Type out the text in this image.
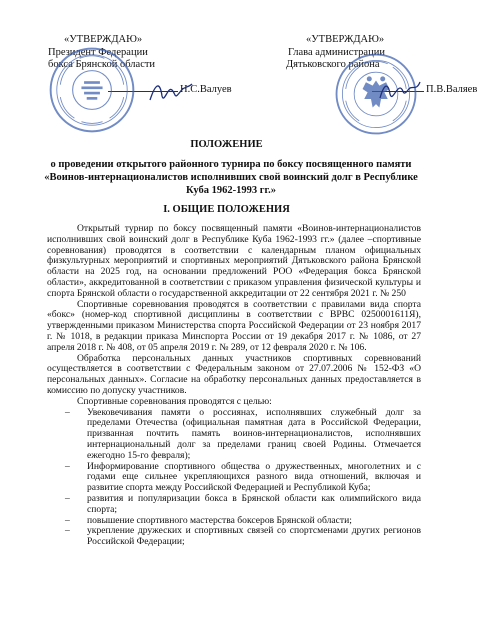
«УТВЕРЖДАЮ»
Президент Федерации
бокса Брянской области
Н.С.Валуев
«УТВЕРЖДАЮ»
Глава администрации
Дятьковского района
П.В.Валяев
ПОЛОЖЕНИЕ
о проведении открытого районного турнира по боксу посвященного памяти «Воинов-интернационалистов исполнивших свой воинский долг в Республике Куба 1962-1993 гг.»
I. ОБЩИЕ ПОЛОЖЕНИЯ

Открытый турнир по боксу посвященный памяти «Воинов-интернационалистов исполнивших свой воинский долг в Республике Куба 1962-1993 гг.» (далее –спортивные соревнования) проводятся в соответствии с календарным планом официальных физкультурных мероприятий и спортивных мероприятий Дятьковского района Брянской области на 2025 год, на основании предложений РОО «Федерация бокса Брянской области», аккредитованной в соответствии с приказом управления физической культуры и спорта Брянской области о государственной аккредитации от 22 сентября 2021 г. № 250

Спортивные соревнования проводятся в соответствии с правилами вида спорта «бокс» (номер-код спортивной дисциплины в соответствии с ВРВС 0250001611Я), утвержденными приказом Министерства спорта Российской Федерации от 23 ноября 2017 г. № 1018, в редакции приказа Минспорта России от 19 декабря 2017 г. № 1086, от 27 апреля 2018 г. № 408, от 05 апреля 2019 г. № 289, от 12 февраля 2020 г. № 106.

Обработка персональных данных участников спортивных соревнований осуществляется в соответствии с Федеральным законом от 27.07.2006 № 152-ФЗ «О персональных данных». Согласие на обработку персональных данных предоставляется в комиссию по допуску участников.

Спортивные соревнования проводятся с целью:

– Увековечивания памяти о россиянах, исполнявших служебный долг за пределами Отечества (официальная памятная дата в Российской Федерации, призванная почтить память воинов-интернационалистов, исполнявших интернациональный долг за пределами границ своей Родины. Отмечается ежегодно 15-го февраля);
– Информирование спортивного общества о дружественных, многолетних и с годами еще сильнее укрепляющихся разного вида отношений, включая и развитие спорта между Российской Федерацией и Республикой Куба;
– развития и популяризации бокса в Брянской области как олимпийского вида спорта;
– повышение спортивного мастерства боксеров Брянской области;
– укрепление дружеских и спортивных связей со спортсменами других регионов Российской Федерации;
